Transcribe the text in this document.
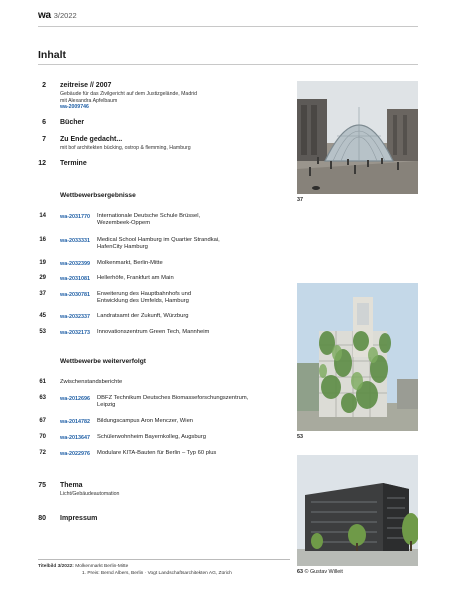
wa 3/2022
Inhalt
2 zeitreise // 2007
Gebäude für das Zivilgericht auf dem Justizgelände, Madrid
mit Alexandra Apfelbaum
wa-2009746
6 Bücher
7 Zu Ende gedacht...
mit bof architekten bücking, ostrop & flemming, Hamburg
12 Termine
Wettbewerbsergebnisse
14	wa-2031770 Internationale Deutsche Schule Brüssel,
Wezembeek-Oppem
16	wa-2033331 Medical School Hamburg im Quartier Strandkai,
HafenCity Hamburg
19	wa-2032399 Molkenmarkt, Berlin-Mitte
29	wa-2031081 Hellerhöfe, Frankfurt am Main
37	wa-2030781 Erweiterung des Hauptbahnhofs und
Entwicklung des Umfelds, Hamburg
45	wa-2032337 Landratsamt der Zukunft, Würzburg
53	wa-2032173 Innovationszentrum Green Tech, Mannheim
Wettbewerbe weiterverfolgt
61 Zwischenstandsberichte
63	wa-2012696 DBFZ Technikum Deutsches Biomasseforschungszentrum,
Leipzig
67	wa-2014782 Bildungscampus Aron Menczer, Wien
70	wa-2013647 Schülerwohnheim Bayernkolleg, Augsburg
72	wa-2022976 Modulare KITA-Bauten für Berlin – Typ 60 plus
75 Thema
Licht/Gebäudeautomation
80 Impressum
Titelbild 3/2022: Molkenmarkt Berlin-Mitte
1. Preis: Bernd Albers, Berlin · Vogt Landschaftsarchitekten AG, Zürich
37
53
63 © Gustav Willeit
